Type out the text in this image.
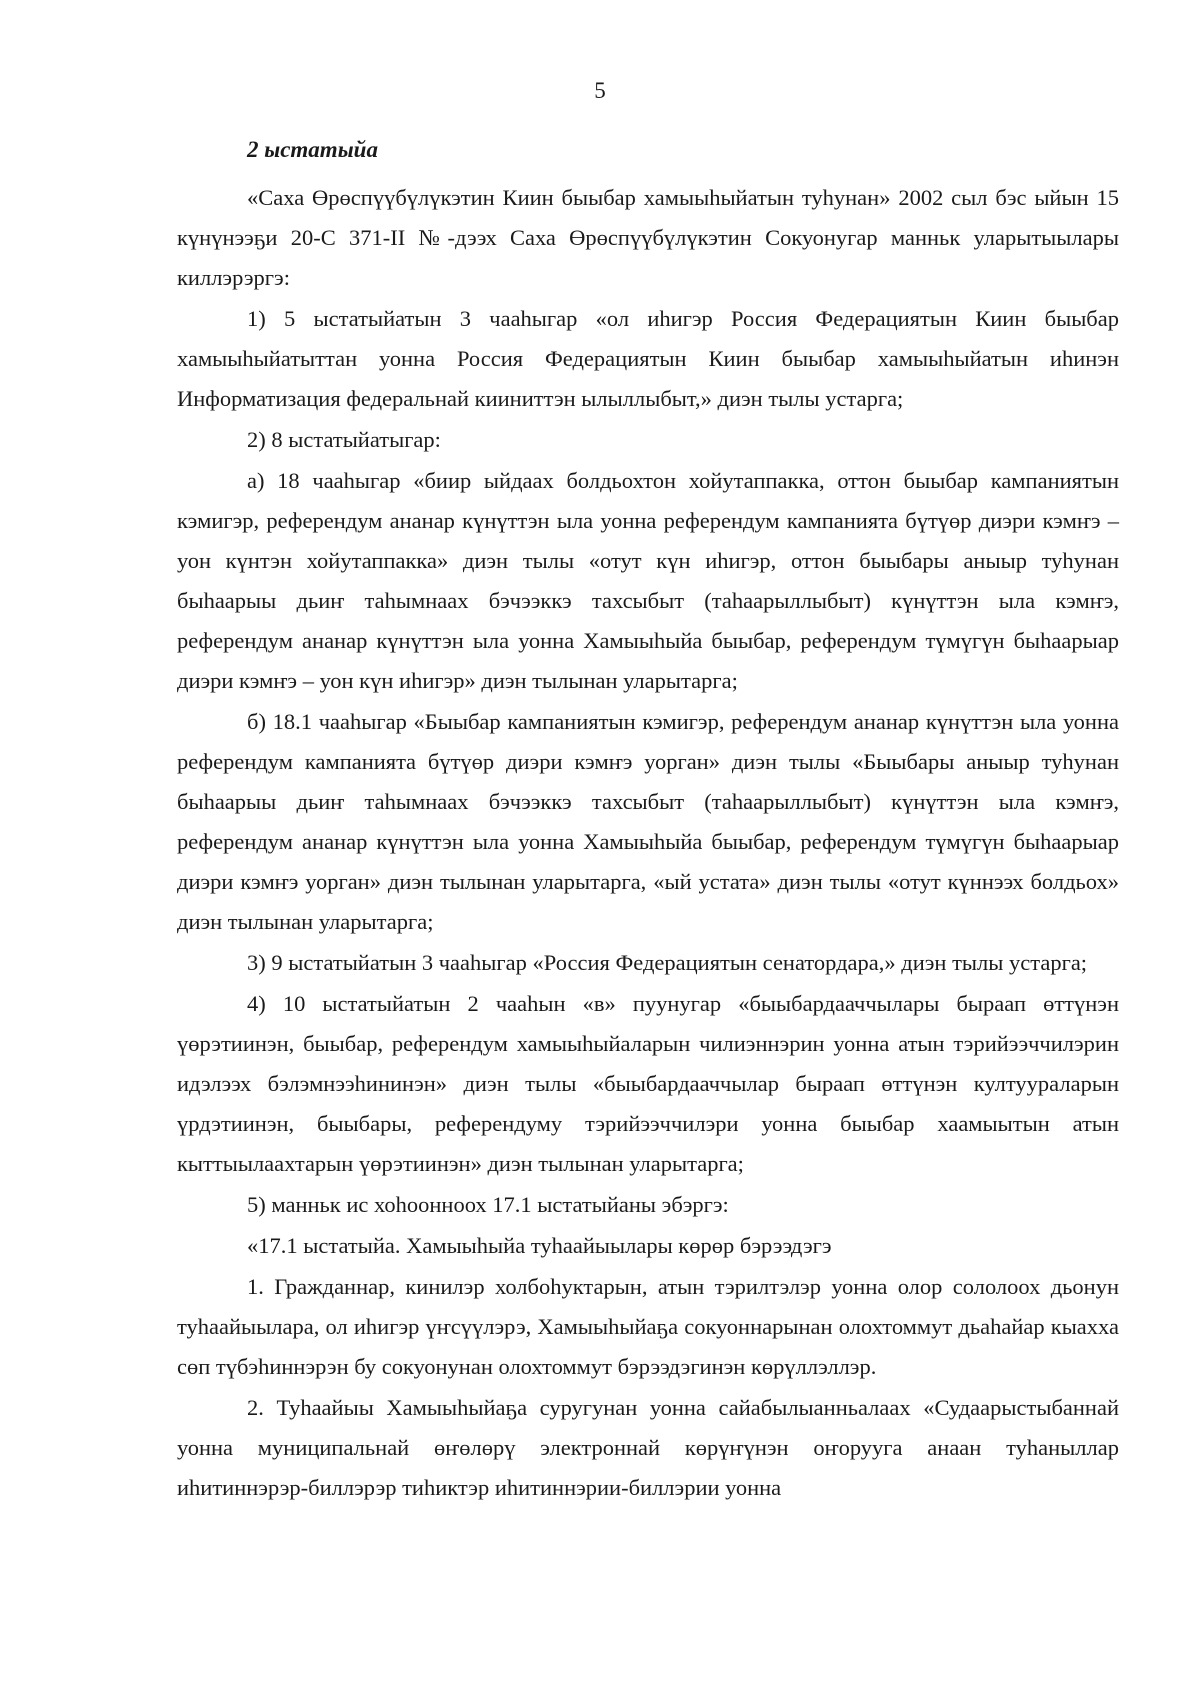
5

2 ыстатыйа

«Саха Өрөспүүбүлүкэтин Киин быыбар хамыыһыйатын туһунан» 2002 сыл бэс ыйын 15 күнүнээҕи 20-С 371-II №-дээх Саха Өрөспүүбүлүкэтин Сокуонугар манньк уларытыылары киллэрэргэ:

1) 5 ыстатыйатын 3 чааһыгар «ол иһигэр Россия Федерациятын Киин быыбар хамыыһыйатыттан уонна Россия Федерациятын Киин быыбар хамыыһыйатын иһинэн Информатизация федеральнай кииниттэн ылыллыбыт,» диэн тылы устарга;

2) 8 ыстатыйатыгар:

а) 18 чааһыгар «биир ыйдаах болдьохтон хойутаппакка, оттон быыбар кампаниятын кэмигэр, референдум ананар күнүттэн ыла уонна референдум кампаниятa бүтүөр диэри кэмҥэ – уон күнтэн хойутаппакка» диэн тылы «отут күн иһигэр, оттон быыбары аныыр туһунан быһаарыы дьиҥ таһымнаах бэчээккэ тахсыбыт (таһаарыллыбыт) күнүттэн ыла кэмҥэ, референдум ананар күнүттэн ыла уонна Хамыыһыйа быыбар, референдум түмүгүн быһаарыар диэри кэмҥэ – уон күн иһигэр» диэн тылынан уларытарга;

б) 18.1 чааһыгар «Быыбар кампаниятын кэмигэр, референдум ананар күнүттэн ыла уонна референдум кампаниятa бүтүөр диэри кэмҥэ уорган» диэн тылы «Быыбары аныыр туһунан быһаарыы дьиҥ таһымнаах бэчээккэ тахсыбыт (таһаарыллыбыт) күнүттэн ыла кэмҥэ, референдум ананар күнүттэн ыла уонна Хамыыһыйа быыбар, референдум түмүгүн быһаарыар диэри кэмҥэ уорган» диэн тылынан уларытарга, «ый устата» диэн тылы «отут күннээх болдьох» диэн тылынан уларытарга;

3) 9 ыстатыйатын 3 чааһыгар «Россия Федерациятын сенатордара,» диэн тылы устарга;

4) 10 ыстатыйатын 2 чааһын «в» пуунугар «быыбардааччылары быраап өттүнэн үөрэтиинэн, быыбар, референдум хамыыһыйаларын чилиэннэрин уонна атын тэрийээччилэрин идэлээх бэлэмнээһининэн» диэн тылы «быыбардааччылар быраап өттүнэн култуураларын үрдэтиинэн, быыбары, референдуму тэрийээччилэри уонна быыбар хаамыытын атын кыттыылаахтарын үөрэтиинэн» диэн тылынан уларытарга;

5) манньк ис хоһоонноох 17.1 ыстатыйаны эбэргэ:

«17.1 ыстатыйа. Хамыыһыйа туһаайыылары көрөр бэрээдэгэ

1. Гражданнар, кинилэр холбоһуктарын, атын тэрилтэлэр уонна олор сололоох дьонун туһаайыылара, ол иһигэр үҥсүүлэрэ, Хамыыһыйаҕа сокуоннарынан олохтоммут дьаһайар кыахха сөп түбэһиннэрэн бу сокуонунан олохтоммут бэрээдэгинэн көрүллэллэр.

2. Туһаайыы Хамыыһыйаҕа суругунан уонна сайабылыанньалаах «Судаарыстыбаннай уонна муниципальнай өҥөлөрү электроннай көрүҥүнэн оҥорууга анаан туһаныллар иһитиннэрэр-биллэрэр тиһиктэр иһитиннэрии-биллэрии уонна
